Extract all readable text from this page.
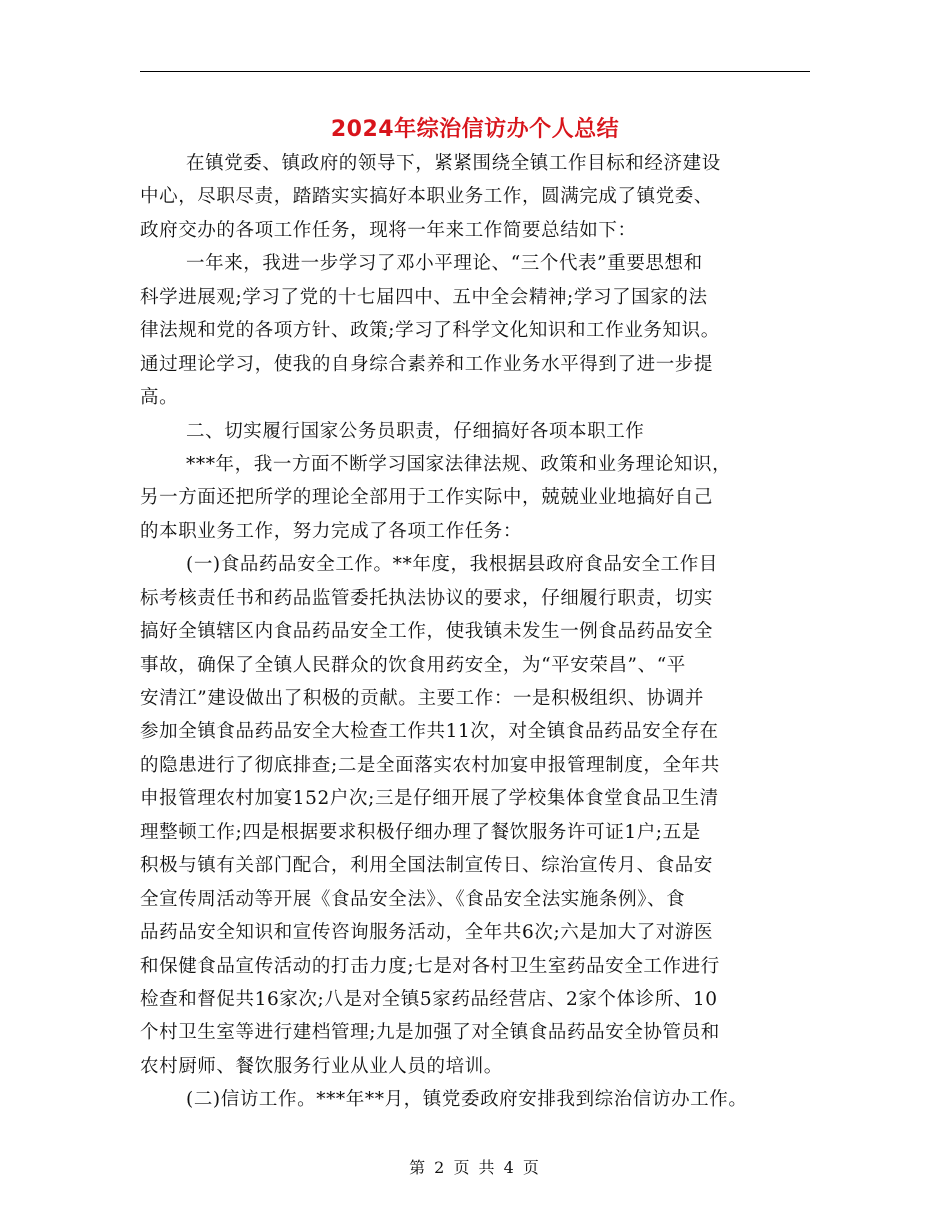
2024年综治信访办个人总结
在镇党委、镇政府的领导下，紧紧围绕全镇工作目标和经济建设
中心，尽职尽责，踏踏实实搞好本职业务工作，圆满完成了镇党委、
政府交办的各项工作任务，现将一年来工作简要总结如下：
一年来，我进一步学习了邓小平理论、“三个代表”重要思想和
科学进展观;学习了党的十七届四中、五中全会精神;学习了国家的法
律法规和党的各项方针、政策;学习了科学文化知识和工作业务知识。
通过理论学习，使我的自身综合素养和工作业务水平得到了进一步提
高。
二、切实履行国家公务员职责，仔细搞好各项本职工作
***年，我一方面不断学习国家法律法规、政策和业务理论知识，
另一方面还把所学的理论全部用于工作实际中，兢兢业业地搞好自己
的本职业务工作，努力完成了各项工作任务：
(一)食品药品安全工作。**年度，我根据县政府食品安全工作目
标考核责任书和药品监管委托执法协议的要求，仔细履行职责，切实
搞好全镇辖区内食品药品安全工作，使我镇未发生一例食品药品安全
事故，确保了全镇人民群众的饮食用药安全，为“平安荣昌”、“平
安清江”建设做出了积极的贡献。主要工作：一是积极组织、协调并
参加全镇食品药品安全大检查工作共11次，对全镇食品药品安全存在
的隐患进行了彻底排查;二是全面落实农村加宴申报管理制度，全年共
申报管理农村加宴152户次;三是仔细开展了学校集体食堂食品卫生清
理整顿工作;四是根据要求积极仔细办理了餐饮服务许可证1户;五是
积极与镇有关部门配合，利用全国法制宣传日、综治宣传月、食品安
全宣传周活动等开展《食品安全法》、《食品安全法实施条例》、食
品药品安全知识和宣传咨询服务活动，全年共6次;六是加大了对游医
和保健食品宣传活动的打击力度;七是对各村卫生室药品安全工作进行
检查和督促共16家次;八是对全镇5家药品经营店、2家个体诊所、10
个村卫生室等进行建档管理;九是加强了对全镇食品药品安全协管员和
农村厨师、餐饮服务行业从业人员的培训。
(二)信访工作。***年**月，镇党委政府安排我到综治信访办工作。
第 2 页 共 4 页
